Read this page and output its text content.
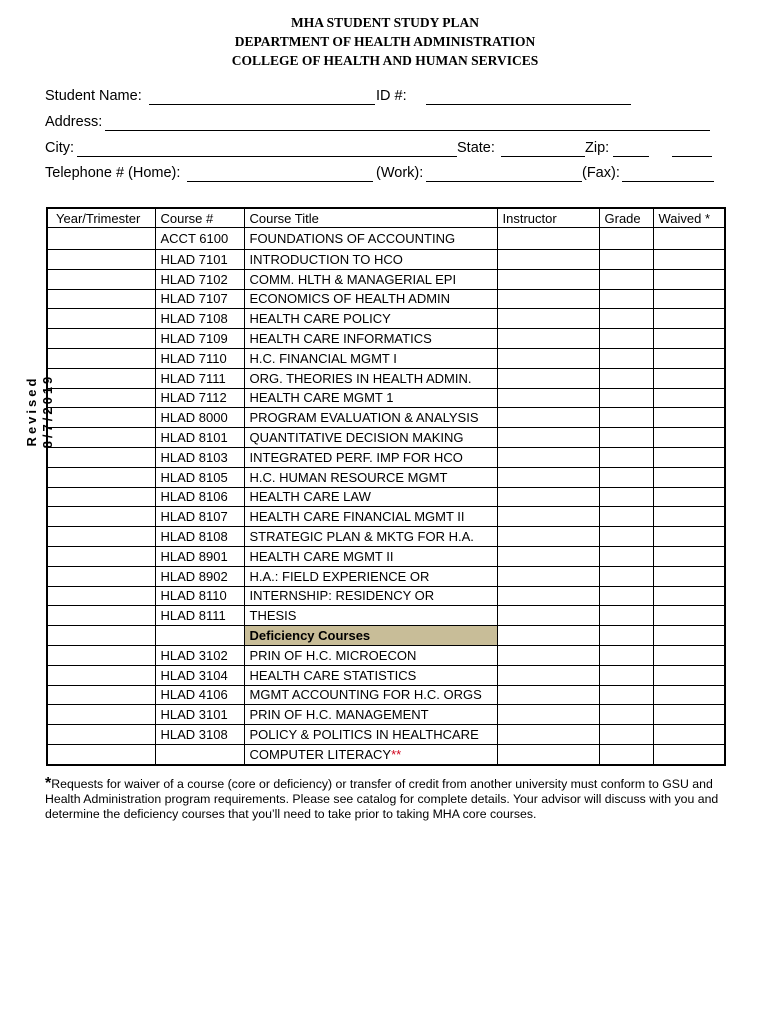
MHA STUDENT STUDY PLAN
DEPARTMENT OF HEALTH ADMINISTRATION
COLLEGE OF HEALTH AND HUMAN SERVICES
Student Name:	ID #:
Address:
City:	State:	Zip:
Telephone # (Home):	(Work):	(Fax):
Revised 8/7/2019
Year/Trimester	Course #	Course Title	Instructor	Grade	Waived *
	ACCT 6100	FOUNDATIONS OF ACCOUNTING			
	HLAD 7101	INTRODUCTION TO HCO			
	HLAD 7102	COMM. HLTH & MANAGERIAL EPI			
	HLAD 7107	ECONOMICS OF HEALTH ADMIN			
	HLAD 7108	HEALTH CARE POLICY			
	HLAD 7109	HEALTH CARE INFORMATICS			
	HLAD 7110	H.C. FINANCIAL MGMT I			
	HLAD 7111	ORG. THEORIES IN HEALTH ADMIN.			
	HLAD 7112	HEALTH CARE MGMT 1			
	HLAD 8000	PROGRAM EVALUATION & ANALYSIS			
	HLAD 8101	QUANTITATIVE DECISION MAKING			
	HLAD 8103	INTEGRATED PERF. IMP FOR HCO			
	HLAD 8105	H.C. HUMAN RESOURCE MGMT			
	HLAD 8106	HEALTH CARE LAW			
	HLAD 8107	HEALTH CARE FINANCIAL MGMT II			
	HLAD 8108	STRATEGIC PLAN & MKTG FOR H.A.			
	HLAD 8901	HEALTH CARE MGMT II			
	HLAD 8902	H.A.: FIELD EXPERIENCE OR			
	HLAD 8110	INTERNSHIP: RESIDENCY OR			
	HLAD 8111	THESIS			
		Deficiency Courses			
	HLAD 3102	PRIN OF H.C. MICROECON			
	HLAD 3104	HEALTH CARE STATISTICS			
	HLAD 4106	MGMT ACCOUNTING FOR H.C. ORGS			
	HLAD 3101	PRIN OF H.C. MANAGEMENT			
	HLAD 3108	POLICY & POLITICS IN HEALTHCARE			
		COMPUTER LITERACY**			
*Requests for waiver of a course (core or deficiency) or transfer of credit from another university must conform to GSU and Health Administration program requirements. Please see catalog for complete details. Your advisor will discuss with you and determine the deficiency courses that you’ll need to take prior to taking MHA core courses.
